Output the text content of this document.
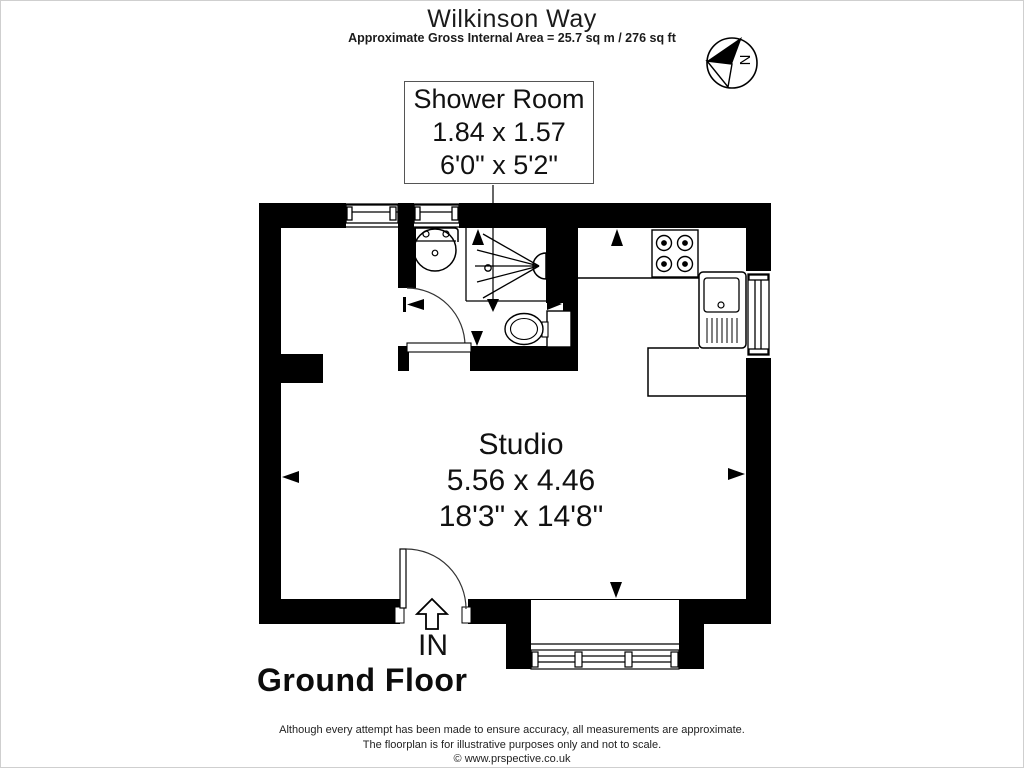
N
Wilkinson Way
Approximate Gross Internal Area = 25.7 sq m / 276 sq ft
Shower Room
1.84 x 1.57
6'0" x 5'2"
Studio
5.56 x 4.46
18'3" x 14'8"
IN
Ground Floor
Although every attempt has been made to ensure accuracy, all measurements are approximate.
The floorplan is for illustrative purposes only and not to scale.
© www.prspective.co.uk
